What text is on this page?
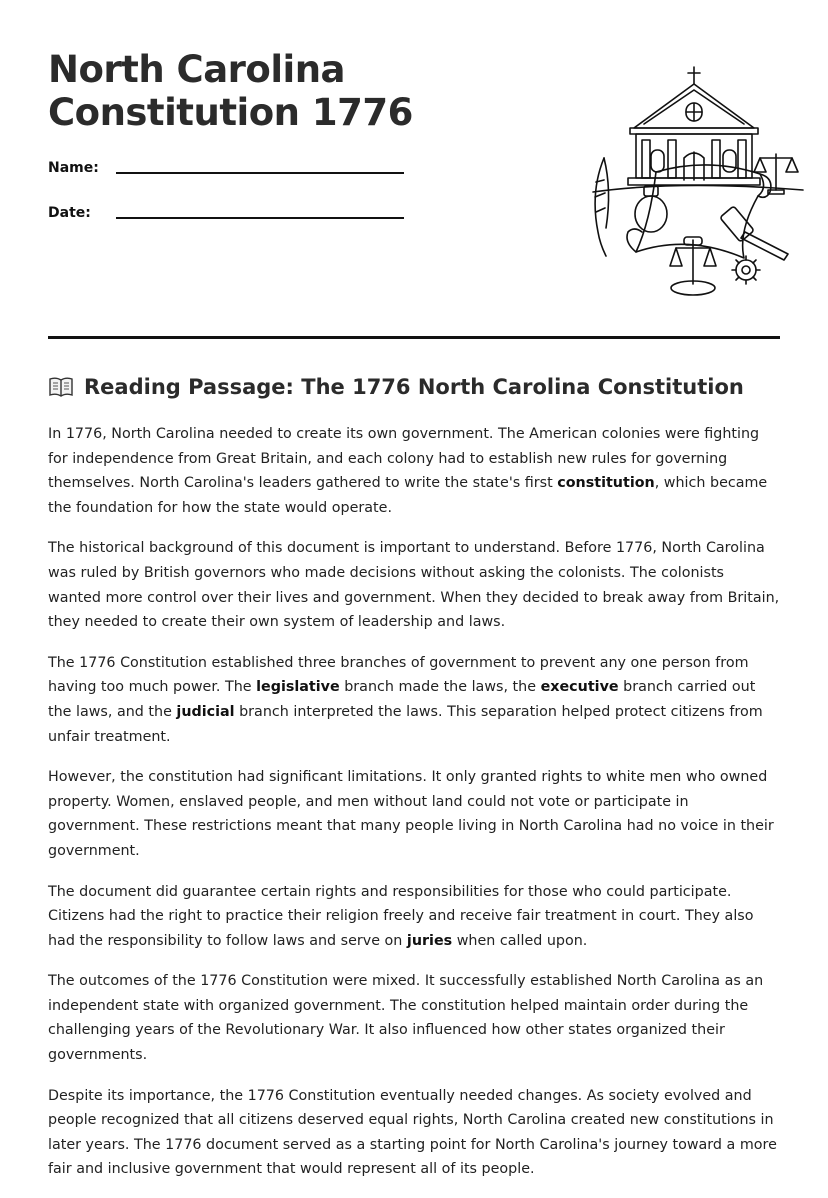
North Carolina
Constitution 1776
Name:
Date:
Reading Passage: The 1776 North Carolina Constitution

In 1776, North Carolina needed to create its own government. The American colonies were fighting for independence from Great Britain, and each colony had to establish new rules for governing themselves. North Carolina's leaders gathered to write the state's first constitution, which became the foundation for how the state would operate.

The historical background of this document is important to understand. Before 1776, North Carolina was ruled by British governors who made decisions without asking the colonists. The colonists wanted more control over their lives and government. When they decided to break away from Britain, they needed to create their own system of leadership and laws.

The 1776 Constitution established three branches of government to prevent any one person from having too much power. The legislative branch made the laws, the executive branch carried out the laws, and the judicial branch interpreted the laws. This separation helped protect citizens from unfair treatment.

However, the constitution had significant limitations. It only granted rights to white men who owned property. Women, enslaved people, and men without land could not vote or participate in government. These restrictions meant that many people living in North Carolina had no voice in their government.

The document did guarantee certain rights and responsibilities for those who could participate. Citizens had the right to practice their religion freely and receive fair treatment in court. They also had the responsibility to follow laws and serve on juries when called upon.

The outcomes of the 1776 Constitution were mixed. It successfully established North Carolina as an independent state with organized government. The constitution helped maintain order during the challenging years of the Revolutionary War. It also influenced how other states organized their governments.

Despite its importance, the 1776 Constitution eventually needed changes. As society evolved and people recognized that all citizens deserved equal rights, North Carolina created new constitutions in later years. The 1776 document served as a starting point for North Carolina's journey toward a more fair and inclusive government that would represent all of its people.
